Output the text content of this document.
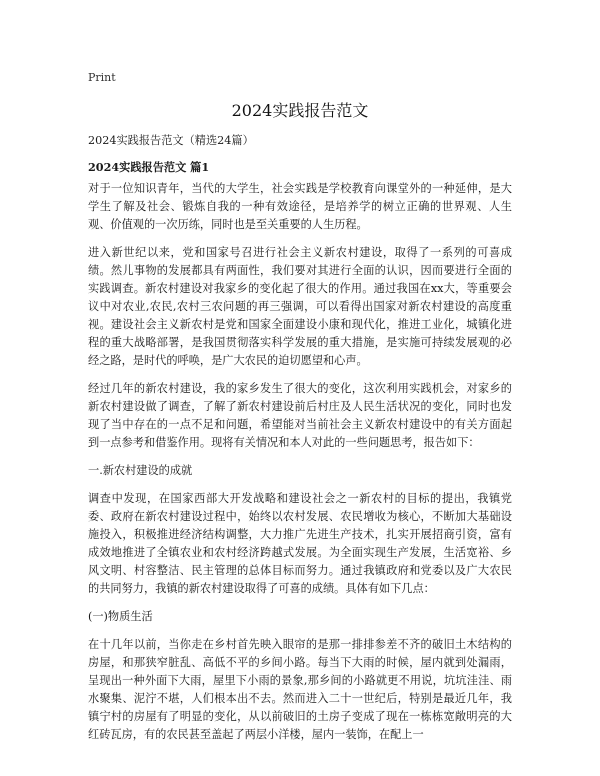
Print
2024实践报告范文
2024实践报告范文（精选24篇）
2024实践报告范文 篇1

对于一位知识青年，当代的大学生，社会实践是学校教育向课堂外的一种延伸，是大学生了解及社会、锻炼自我的一种有效途径，是培养学的树立正确的世界观、人生观、价值观的一次历练，同时也是至关重要的人生历程。

进入新世纪以来，党和国家号召进行社会主义新农村建设，取得了一系列的可喜成绩。然儿事物的发展都具有两面性，我们要对其进行全面的认识，因而要进行全面的实践调查。新农村建设对我家乡的变化起了很大的作用。通过我国在xx大，等重要会议中对农业,农民,农村三农问题的再三强调，可以看得出国家对新农村建设的高度重视。建设社会主义新农村是党和国家全面建设小康和现代化，推进工业化，城镇化进程的重大战略部署，是我国贯彻落实科学发展的重大措施，是实施可持续发展观的必经之路，是时代的呼唤，是广大农民的迫切愿望和心声。

经过几年的新农村建设，我的家乡发生了很大的变化，这次利用实践机会，对家乡的新农村建设做了调查，了解了新农村建设前后村庄及人民生活状况的变化，同时也发现了当中存在的一点不足和问题，希望能对当前社会主义新农村建设中的有关方面起到一点参考和借鉴作用。现将有关情况和本人对此的一些问题思考，报告如下：

一.新农村建设的成就

调查中发现，在国家西部大开发战略和建设社会之一新农村的目标的提出，我镇党委、政府在新农村建设过程中，始终以农村发展、农民增收为核心，不断加大基础设施投入，积极推进经济结构调整，大力推广先进生产技术，扎实开展招商引资，富有成效地推进了全镇农业和农村经济跨越式发展。为全面实现生产发展，生活宽裕、乡风文明、村容整洁、民主管理的总体目标而努力。通过我镇政府和党委以及广大农民的共同努力，我镇的新农村建设取得了可喜的成绩。具体有如下几点：

(一)物质生活

在十几年以前，当你走在乡村首先映入眼帘的是那一排排参差不齐的破旧土木结构的房屋，和那狭窄脏乱、高低不平的乡间小路。每当下大雨的时候，屋内就到处漏雨，呈现出一种外面下大雨，屋里下小雨的景象,那乡间的小路就更不用说，坑坑洼洼、雨水聚集、泥泞不堪，人们根本出不去。然而进入二十一世纪后，特别是最近几年，我镇宁村的房屋有了明显的变化，从以前破旧的土房子变成了现在一栋栋宽敞明亮的大红砖瓦房，有的农民甚至盖起了两层小洋楼，屋内一装饰，在配上一
